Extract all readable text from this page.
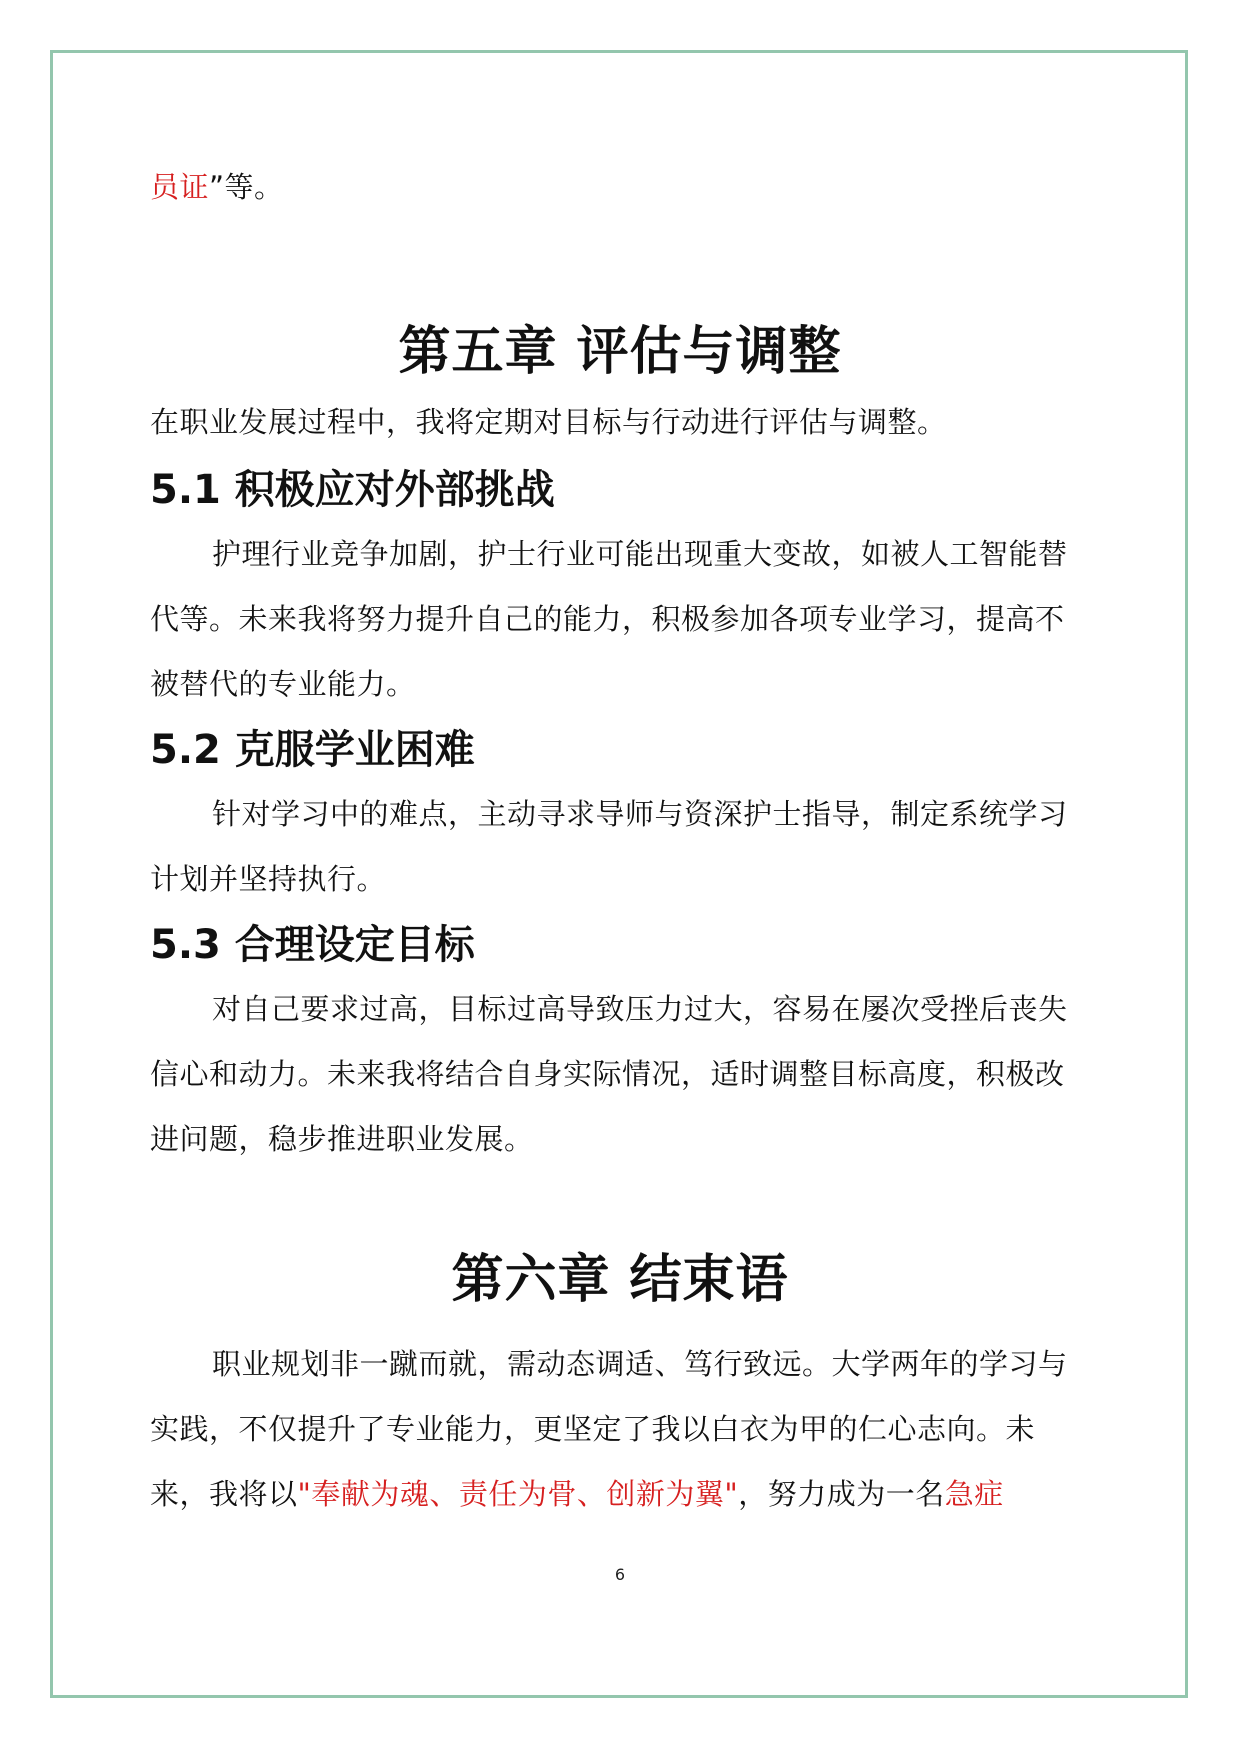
员证”等。

第五章 评估与调整

在职业发展过程中，我将定期对目标与行动进行评估与调整。

5.1 积极应对外部挑战

护理行业竞争加剧，护士行业可能出现重大变故，如被人工智能替代等。未来我将努力提升自己的能力，积极参加各项专业学习，提高不被替代的专业能力。

5.2 克服学业困难

针对学习中的难点，主动寻求导师与资深护士指导，制定系统学习计划并坚持执行。

5.3 合理设定目标

对自己要求过高，目标过高导致压力过大，容易在屡次受挫后丧失信心和动力。未来我将结合自身实际情况，适时调整目标高度，积极改进问题，稳步推进职业发展。

第六章 结束语

职业规划非一蹴而就，需动态调适、笃行致远。大学两年的学习与实践，不仅提升了专业能力，更坚定了我以白衣为甲的仁心志向。未来，我将以"奉献为魂、责任为骨、创新为翼"，努力成为一名急症

6
